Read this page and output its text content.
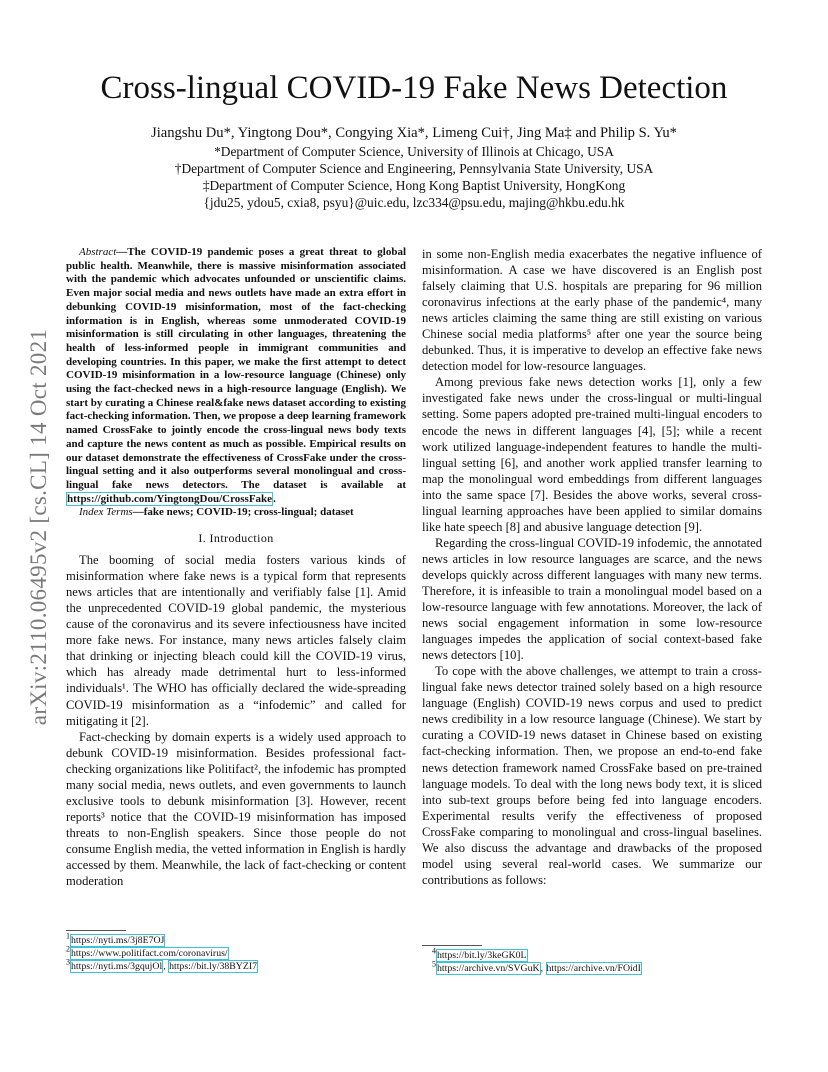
Cross-lingual COVID-19 Fake News Detection
Jiangshu Du*, Yingtong Dou*, Congying Xia*, Limeng Cui†, Jing Ma‡ and Philip S. Yu*
*Department of Computer Science, University of Illinois at Chicago, USA
†Department of Computer Science and Engineering, Pennsylvania State University, USA
‡Department of Computer Science, Hong Kong Baptist University, HongKong
{jdu25, ydou5, cxia8, psyu}@uic.edu, lzc334@psu.edu, majing@hkbu.edu.hk
arXiv:2110.06495v2 [cs.CL] 14 Oct 2021

Abstract—The COVID-19 pandemic poses a great threat to global public health. Meanwhile, there is massive misinformation associated with the pandemic which advocates unfounded or unscientific claims. Even major social media and news outlets have made an extra effort in debunking COVID-19 misinformation, most of the fact-checking information is in English, whereas some unmoderated COVID-19 misinformation is still circulating in other languages, threatening the health of less-informed people in immigrant communities and developing countries. In this paper, we make the first attempt to detect COVID-19 misinformation in a low-resource language (Chinese) only using the fact-checked news in a high-resource language (English). We start by curating a Chinese real&fake news dataset according to existing fact-checking information. Then, we propose a deep learning framework named CrossFake to jointly encode the cross-lingual news body texts and capture the news content as much as possible. Empirical results on our dataset demonstrate the effectiveness of CrossFake under the cross-lingual setting and it also outperforms several monolingual and cross-lingual fake news detectors. The dataset is available at https://github.com/YingtongDou/CrossFake.

Index Terms—fake news; COVID-19; cross-lingual; dataset

I. Introduction

The booming of social media fosters various kinds of misinformation where fake news is a typical form that represents news articles that are intentionally and verifiably false [1]. Amid the unprecedented COVID-19 global pandemic, the mysterious cause of the coronavirus and its severe infectiousness have incited more fake news. For instance, many news articles falsely claim that drinking or injecting bleach could kill the COVID-19 virus, which has already made detrimental hurt to less-informed individuals¹. The WHO has officially declared the wide-spreading COVID-19 misinformation as a “infodemic” and called for mitigating it [2].

Fact-checking by domain experts is a widely used approach to debunk COVID-19 misinformation. Besides professional fact-checking organizations like Politifact², the infodemic has prompted many social media, news outlets, and even governments to launch exclusive tools to debunk misinformation [3]. However, recent reports³ notice that the COVID-19 misinformation has imposed threats to non-English speakers. Since those people do not consume English media, the vetted information in English is hardly accessed by them. Meanwhile, the lack of fact-checking or content moderation

in some non-English media exacerbates the negative influence of misinformation. A case we have discovered is an English post falsely claiming that U.S. hospitals are preparing for 96 million coronavirus infections at the early phase of the pandemic⁴, many news articles claiming the same thing are still existing on various Chinese social media platforms⁵ after one year the source being debunked. Thus, it is imperative to develop an effective fake news detection model for low-resource languages.

Among previous fake news detection works [1], only a few investigated fake news under the cross-lingual or multi-lingual setting. Some papers adopted pre-trained multi-lingual encoders to encode the news in different languages [4], [5]; while a recent work utilized language-independent features to handle the multi-lingual setting [6], and another work applied transfer learning to map the monolingual word embeddings from different languages into the same space [7]. Besides the above works, several cross-lingual learning approaches have been applied to similar domains like hate speech [8] and abusive language detection [9].

Regarding the cross-lingual COVID-19 infodemic, the annotated news articles in low resource languages are scarce, and the news develops quickly across different languages with many new terms. Therefore, it is infeasible to train a monolingual model based on a low-resource language with few annotations. Moreover, the lack of news social engagement information in some low-resource languages impedes the application of social context-based fake news detectors [10].

To cope with the above challenges, we attempt to train a cross-lingual fake news detector trained solely based on a high resource language (English) COVID-19 news corpus and used to predict news credibility in a low resource language (Chinese). We start by curating a COVID-19 news dataset in Chinese based on existing fact-checking information. Then, we propose an end-to-end fake news detection framework named CrossFake based on pre-trained language models. To deal with the long news body text, it is sliced into sub-text groups before being fed into language encoders. Experimental results verify the effectiveness of proposed CrossFake comparing to monolingual and cross-lingual baselines. We also discuss the advantage and drawbacks of the proposed model using several real-world cases. We summarize our contributions as follows:

$^1$https://nyti.ms/3j8E7OJ
$^2$https://www.politifact.com/coronavirus/
$^3$https://nyti.ms/3gqujOl, https://bit.ly/38BYZI7
$^4$https://bit.ly/3keGK0L
$^5$https://archive.vn/SVGuK, https://archive.vn/FOidI
